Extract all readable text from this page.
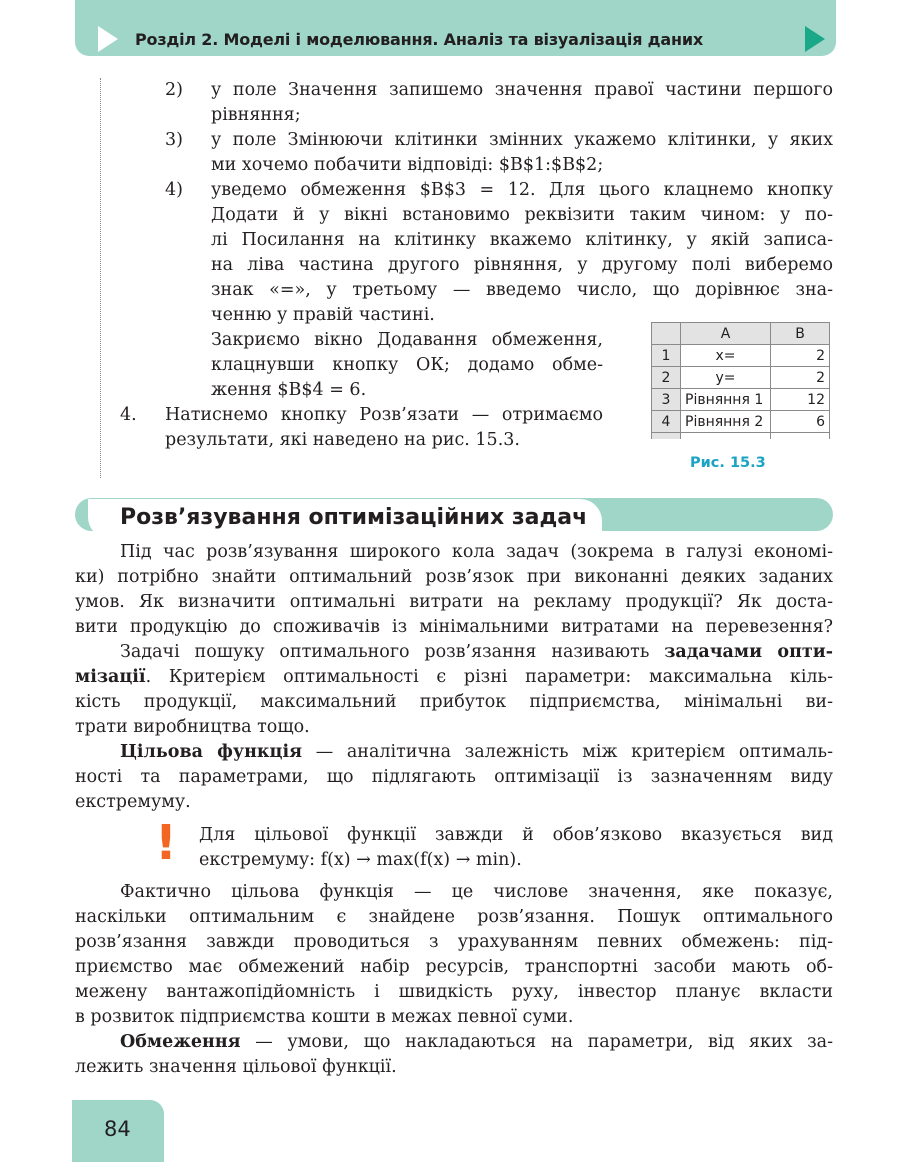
Розділ 2. Моделі і моделювання. Аналіз та візуалізація даних
2) у поле Значення запишемо значення правої частини першого
рівняння;
3) у поле Змінюючи клітинки змінних укажемо клітинки, у яких
ми хочемо побачити відповіді: $B$1:$B$2;
4) уведемо обмеження $B$3 = 12. Для цього клацнемо кнопку
Додати й у вікні встановимо реквізити таким чином: у по-
лі Посилання на клітинку вкажемо клітинку, у якій записа-
на ліва частина другого рівняння, у другому полі виберемо
знак «=», у третьому — введемо число, що дорівнює зна-
ченню у правій частині.
Закриємо вікно Додавання обмеження,
клацнувши кнопку ОК; додамо обме-
ження $B$4 = 6.
4. Натиснемо кнопку Розв’язати — отримаємо
результати, які наведено на рис. 15.3.
	A	B
1	x=	2
2	y=	2
3	Рівняння 1	12
4	Рівняння 2	6

Рис. 15.3
Розв’язування оптимізаційних задач
Під час розв’язування широкого кола задач (зокрема в галузі економі-
ки) потрібно знайти оптимальний розв’язок при виконанні деяких заданих
умов. Як визначити оптимальні витрати на рекламу продукції? Як доста-
вити продукцію до споживачів із мінімальними витратами на перевезення?
Задачі пошуку оптимального розв’язання називають задачами опти-
мізації. Критерієм оптимальності є різні параметри: максимальна кіль-
кість продукції, максимальний прибуток підприємства, мінімальні ви-
трати виробництва тощо.
Цільова функція — аналітична залежність між критерієм оптималь-
ності та параметрами, що підлягають оптимізації із зазначенням виду
екстремуму.
! Для цільової функції завжди й обов’язково вказується вид
екстремуму: f(x) → max(f(x) → min).
Фактично цільова функція — це числове значення, яке показує,
наскільки оптимальним є знайдене розв’язання. Пошук оптимального
розв’язання завжди проводиться з урахуванням певних обмежень: під-
приємство має обмежений набір ресурсів, транспортні засоби мають об-
межену вантажопідйомність і швидкість руху, інвестор планує вкласти
в розвиток підприємства кошти в межах певної суми.
Обмеження — умови, що накладаються на параметри, від яких за-
лежить значення цільової функції.
84
